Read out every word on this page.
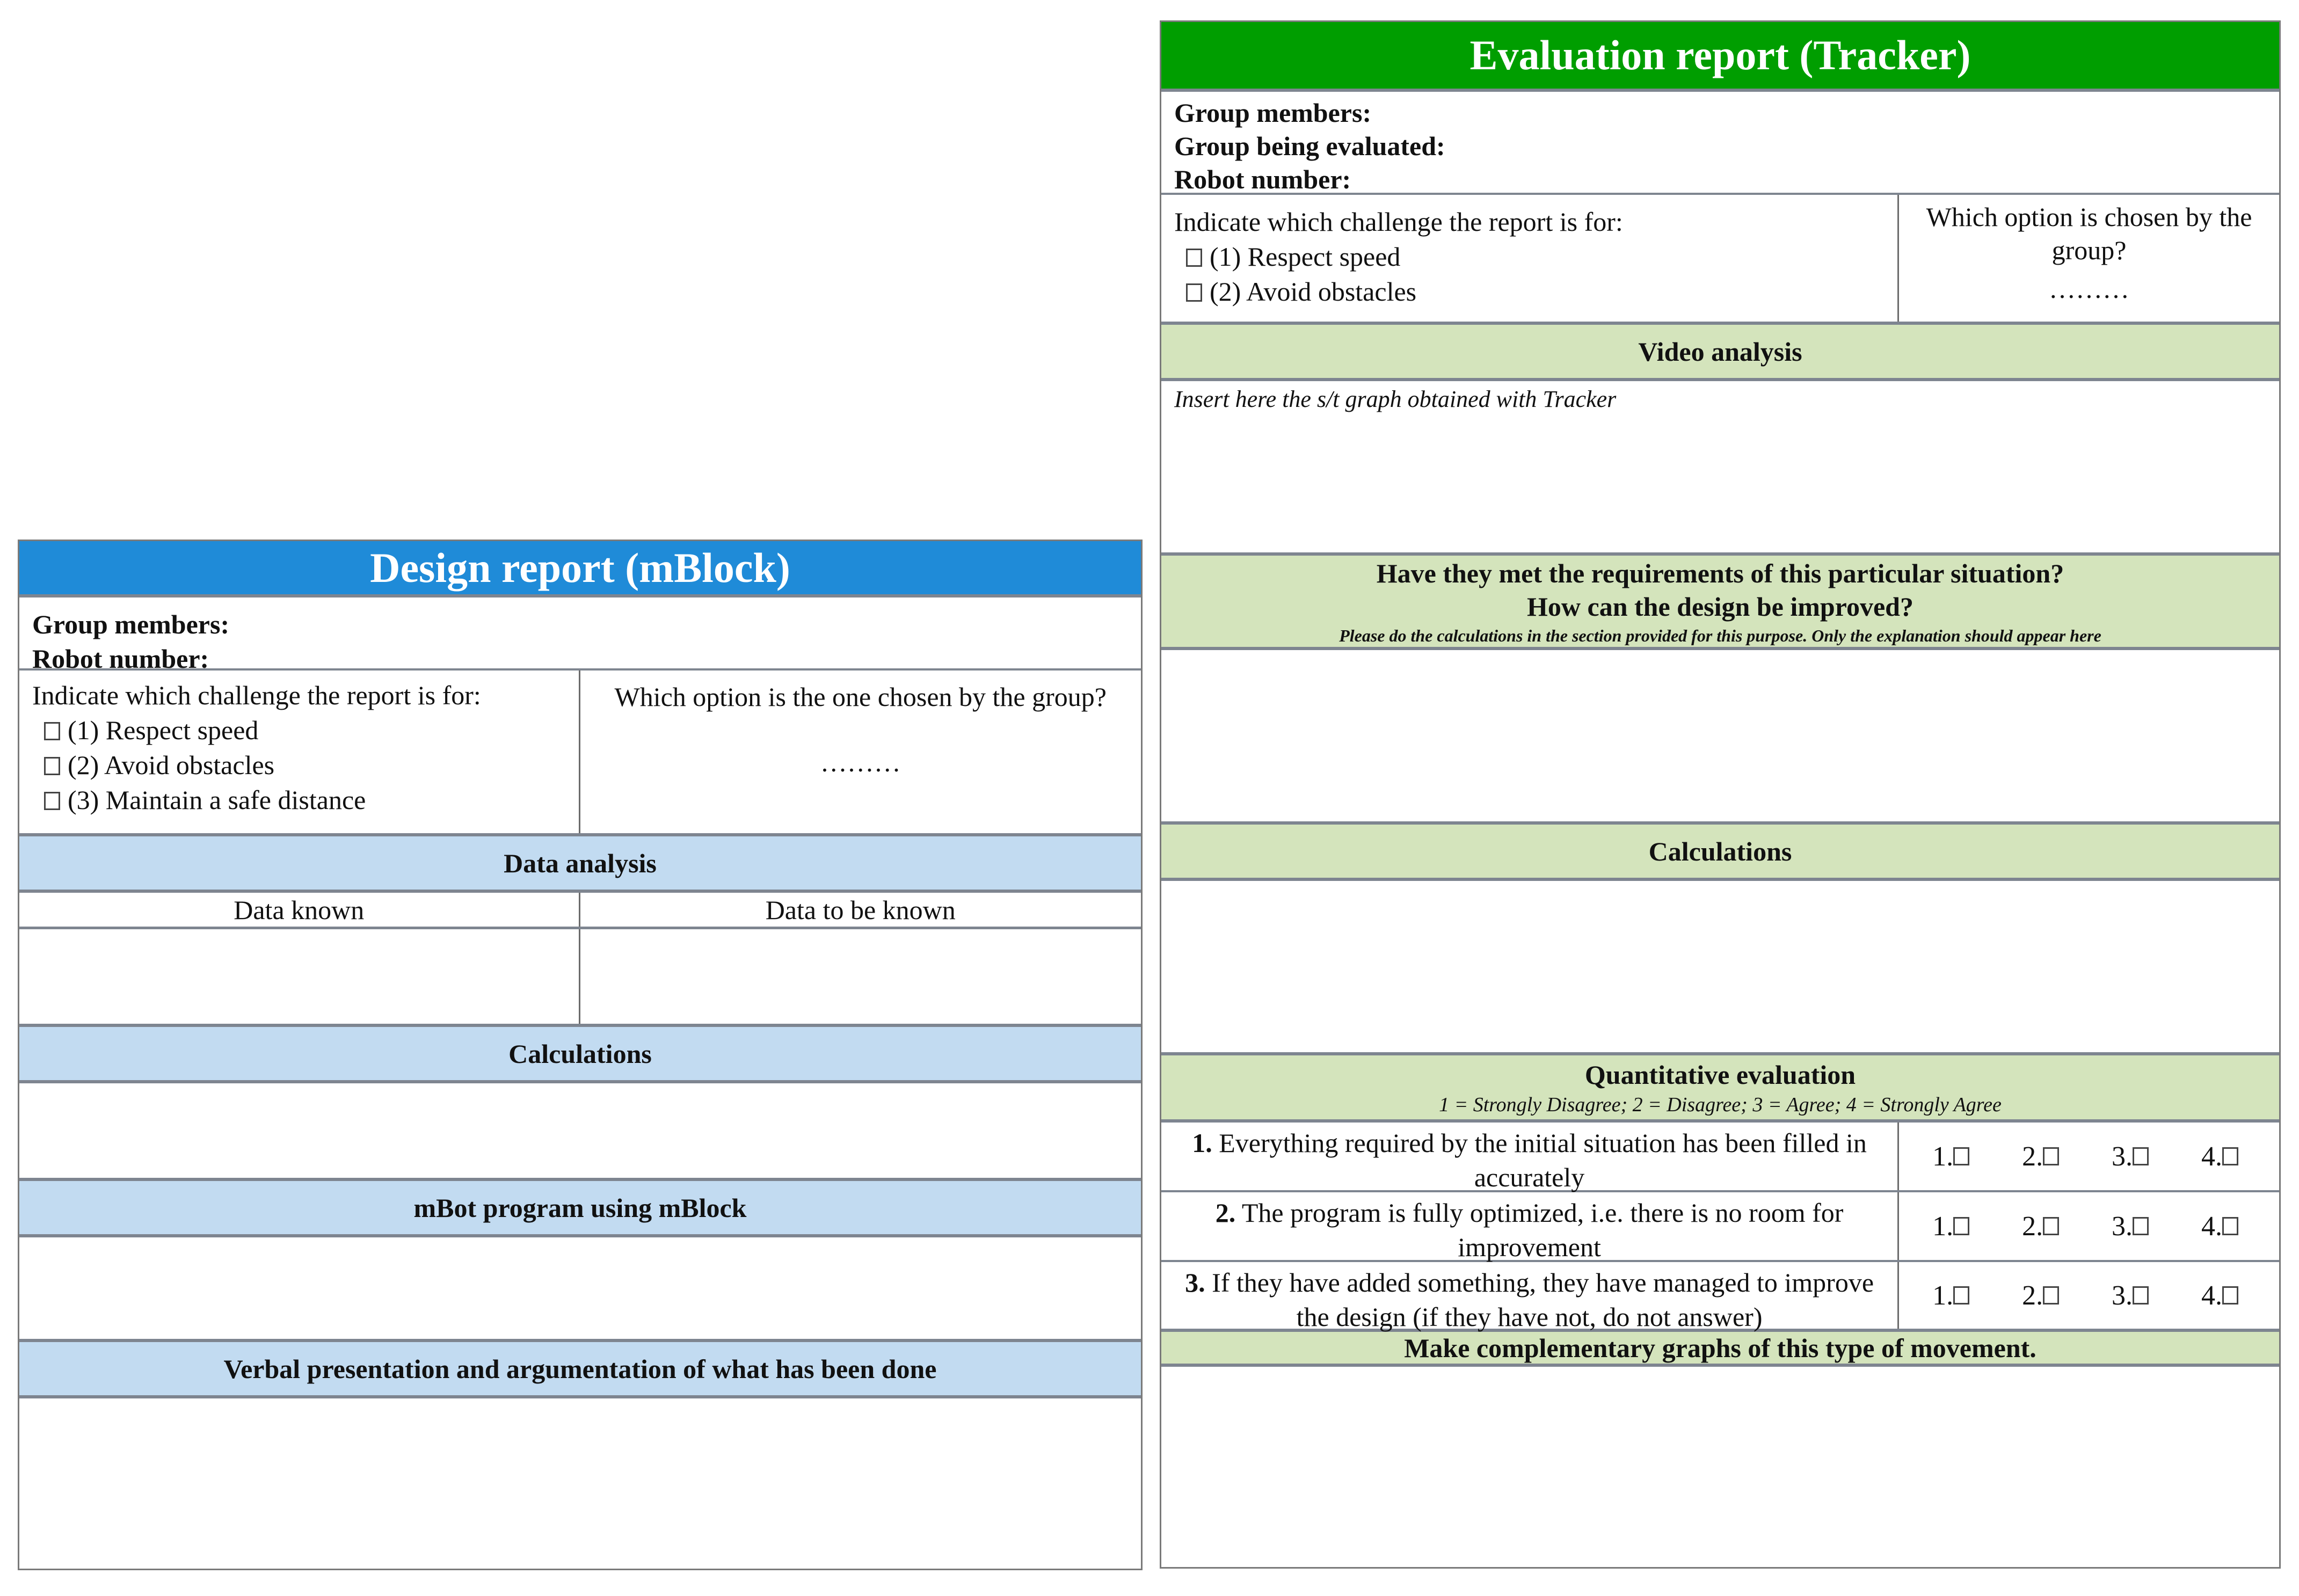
Design report (mBlock)
Group members:
Robot number:
Indicate which challenge the report is for:
(1) Respect speed
(2) Avoid obstacles
(3) Maintain a safe distance
Which option is the one chosen by the group?
………
Data analysis
Data known	Data to be known
Calculations
mBot program using mBlock
Verbal presentation and argumentation of what has been done
Evaluation report (Tracker)
Group members:
Group being evaluated:
Robot number:
Indicate which challenge the report is for:
(1) Respect speed
(2) Avoid obstacles
Which option is chosen by the group?
………
Video analysis
Insert here the s/t graph obtained with Tracker
Have they met the requirements of this particular situation?
How can the design be improved?
Please do the calculations in the section provided for this purpose. Only the explanation should appear here
Calculations
Quantitative evaluation
1 = Strongly Disagree; 2 = Disagree; 3 = Agree; 4 = Strongly Agree
1. Everything required by the initial situation has been filled in accurately
1. 2. 3. 4.
2. The program is fully optimized, i.e. there is no room for improvement
1. 2. 3. 4.
3. If they have added something, they have managed to improve the design (if they have not, do not answer)
1. 2. 3. 4.
Make complementary graphs of this type of movement.
